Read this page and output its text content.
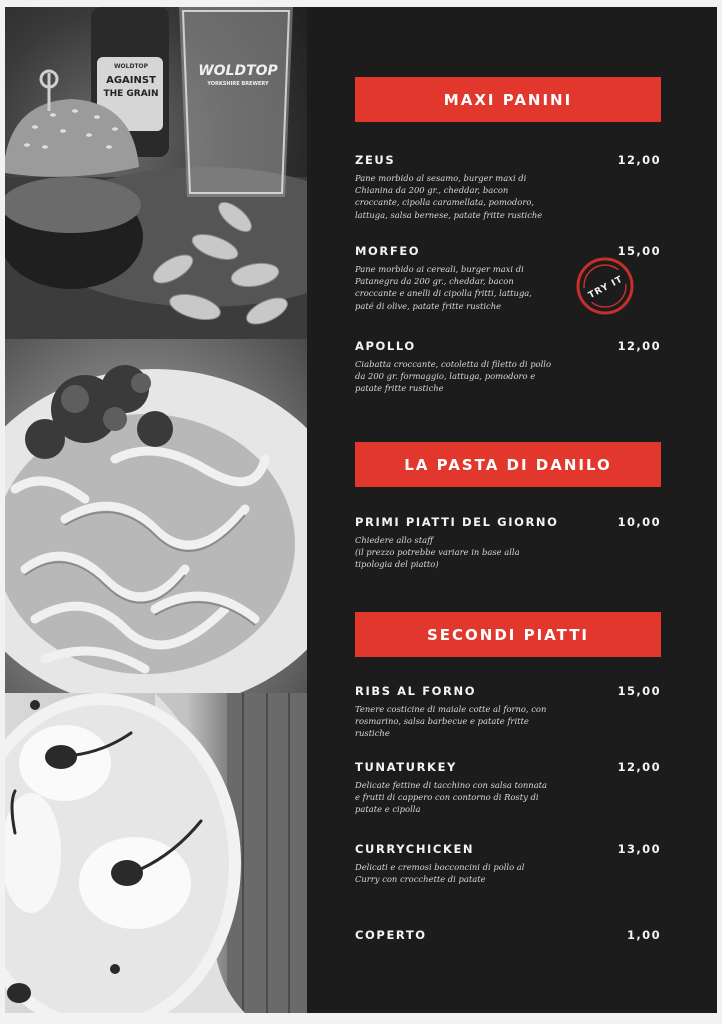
WOLDTOP
AGAINST
THE GRAIN
WOLDTOP
YORKSHIRE BREWERY
MAXI PANINI
ZEUS	12,00
Pane morbido al sesamo, burger maxi di
Chianina da 200 gr., cheddar, bacon
croccante, cipolla caramellata, pomodoro,
lattuga, salsa bernese, patate fritte rustiche
MORFEO	15,00
Pane morbido ai cereali, burger maxi di
Patanegra da 200 gr., cheddar, bacon
croccante e anelli di cipolla fritti, lattuga,
paté di olive, patate fritte rustiche
TRY IT
APOLLO	12,00
Ciabatta croccante, cotoletta di filetto di pollo
da 200 gr. formaggio, lattuga, pomodoro e
patate fritte rustiche
LA PASTA DI DANILO
PRIMI PIATTI DEL GIORNO	10,00
Chiedere allo staff
(il prezzo potrebbe variare in base alla
tipologia del piatto)
SECONDI PIATTI
RIBS AL FORNO	15,00
Tenere costicine di maiale cotte al forno, con
rosmarino, salsa barbecue e patate fritte
rustiche
TUNATURKEY	12,00
Delicate fettine di tacchino con salsa tonnata
e frutti di cappero con contorno di Rosty di
patate e cipolla
CURRYCHICKEN	13,00
Delicati e cremosi bocconcini di pollo al
Curry con crocchette di patate
COPERTO	1,00
